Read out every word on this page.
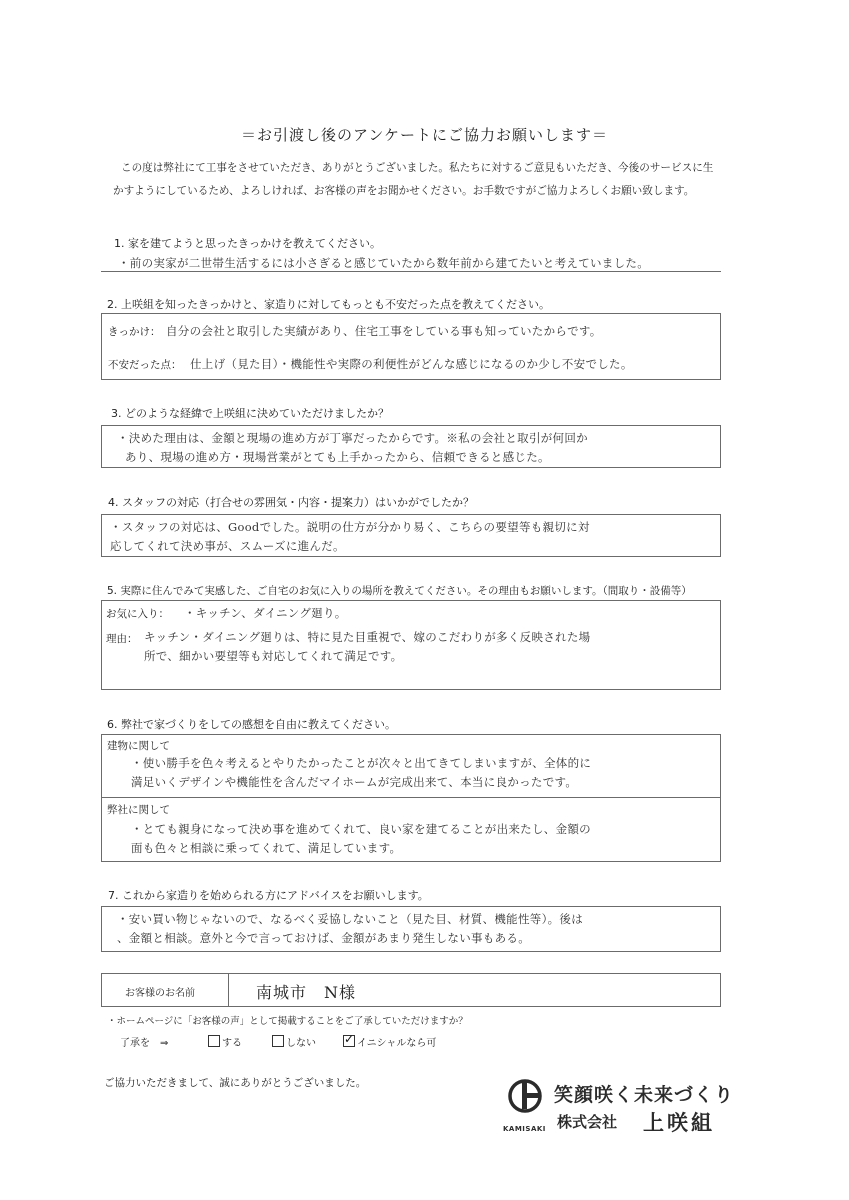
＝お引渡し後のアンケートにご協力お願いします＝
この度は弊社にて工事をさせていただき、ありがとうございました。私たちに対するご意見もいただき、今後のサービスに生
かすようにしているため、よろしければ、お客様の声をお聞かせください。お手数ですがご協力よろしくお願い致します。
1. 家を建てようと思ったきっかけを教えてください。
・前の実家が二世帯生活するには小さぎると感じていたから数年前から建てたいと考えていました。
2. 上咲組を知ったきっかけと、家造りに対してもっとも不安だった点を教えてください。
きっかけ： 自分の会社と取引した実績があり、住宅工事をしている事も知っていたからです。
不安だった点： 仕上げ（見た目）・機能性や実際の利便性がどんな感じになるのか少し不安でした。
3. どのような経緯で上咲組に決めていただけましたか？
・決めた理由は、金額と現場の進め方が丁寧だったからです。※私の会社と取引が何回か
あり、現場の進め方・現場営業がとても上手かったから、信頼できると感じた。
4. スタッフの対応（打合せの雰囲気・内容・提案力）はいかがでしたか？
・スタッフの対応は、Goodでした。説明の仕方が分かり易く、こちらの要望等も親切に対
応してくれて決め事が、スムーズに進んだ。
5. 実際に住んでみて実感した、ご自宅のお気に入りの場所を教えてください。その理由もお願いします。（間取り・設備等）
お気に入り： ・キッチン、ダイニング廻り。
理由： キッチン・ダイニング廻りは、特に見た目重視で、嫁のこだわりが多く反映された場
所で、細かい要望等も対応してくれて満足です。
6. 弊社で家づくりをしての感想を自由に教えてください。
建物に関して
・使い勝手を色々考えるとやりたかったことが次々と出てきてしまいますが、全体的に
満足いくデザインや機能性を含んだマイホームが完成出来て、本当に良かったです。
弊社に関して
・とても親身になって決め事を進めてくれて、良い家を建てることが出来たし、金額の
面も色々と相談に乗ってくれて、満足しています。
7. これから家造りを始められる方にアドバイスをお願いします。
・安い買い物じゃないので、なるべく妥協しないこと（見た目、材質、機能性等）。後は
、金額と相談。意外と今で言っておけば、金額があまり発生しない事もある。
お客様のお名前	南城市　N様
・ホームページに「お客様の声」として掲載することをご了承していただけますか？
了承を　⇒	する	しない
✓	イニシャルなら可
ご協力いただきまして、誠にありがとうございました。
KAMISAKI
笑顔咲く未来づくり
株式会社 上咲組
